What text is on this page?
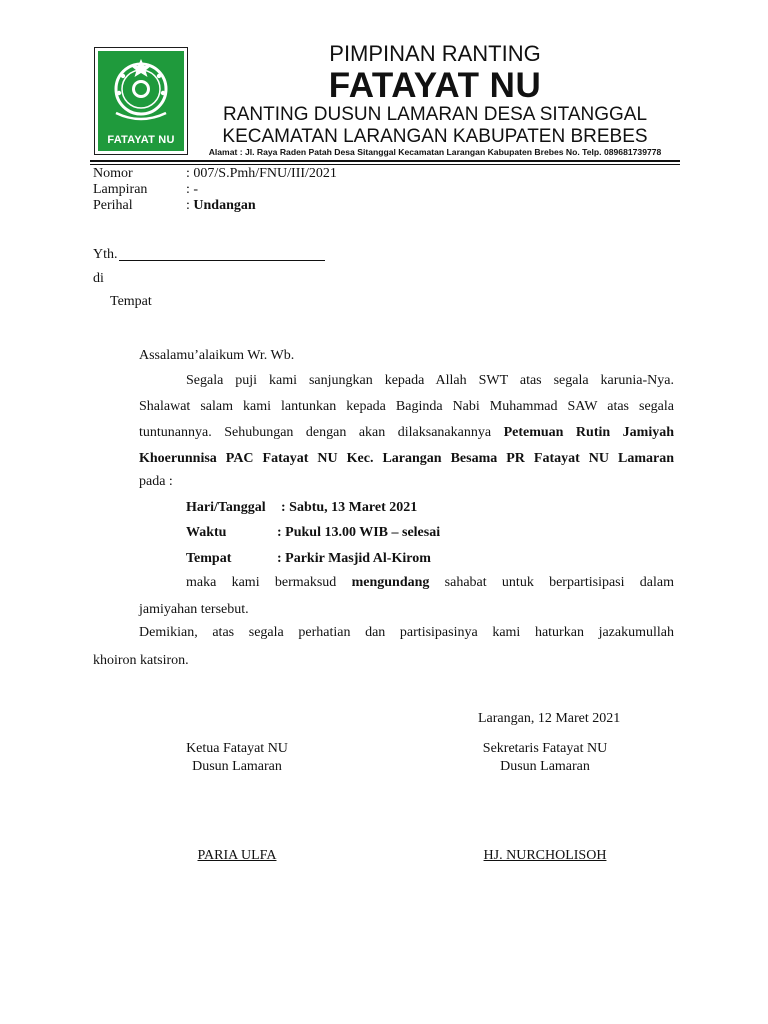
FATAYAT NU
PIMPINAN RANTING
FATAYAT NU
RANTING DUSUN LAMARAN DESA SITANGGAL
KECAMATAN LARANGAN KABUPATEN BREBES
Alamat : Jl. Raya Raden Patah Desa Sitanggal Kecamatan Larangan Kabupaten Brebes No. Telp. 089681739778
Nomor	: 007/S.Pmh/FNU/III/2021
Lampiran	: -
Perihal	: Undangan
Yth.
di
Tempat
Assalamu’alaikum Wr. Wb.
Segala puji kami sanjungkan kepada Allah SWT atas segala karunia-Nya.
Shalawat salam kami lantunkan kepada Baginda Nabi Muhammad SAW atas segala
tuntunannya. Sehubungan dengan akan dilaksanakannya Petemuan Rutin Jamiyah
Khoerunnisa PAC Fatayat NU Kec. Larangan Besama PR Fatayat NU Lamaran
pada :
Hari/Tanggal : Sabtu, 13 Maret 2021
Waktu	: Pukul 13.00 WIB – selesai
Tempat	: Parkir Masjid Al-Kirom
maka kami bermaksud mengundang sahabat untuk berpartisipasi dalam
jamiyahan tersebut.
Demikian, atas segala perhatian dan partisipasinya kami haturkan jazakumullah
khoiron katsiron.
Larangan, 12 Maret 2021
Ketua Fatayat NU
Dusun Lamaran
PARIA ULFA
Sekretaris Fatayat NU
Dusun Lamaran
HJ. NURCHOLISOH
